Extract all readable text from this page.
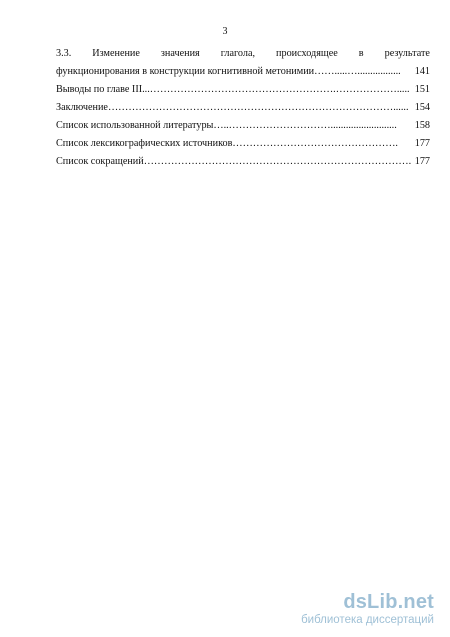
3
3.3. Изменение значения глагола, происходящее в результате
функционирования в конструкции когнитивной метонимии …….....….................	141
Выводы по главе III ...……………………………………………….………………..... 151
Заключение …………………………………………………………………………...... 154
Список использованной литературы …..…………………………..........................	158
Список лексикографических источников ………………………………………….	177
Список сокращений ……………………………………………………………………. 177
dsLib.net
библиотека диссертаций
